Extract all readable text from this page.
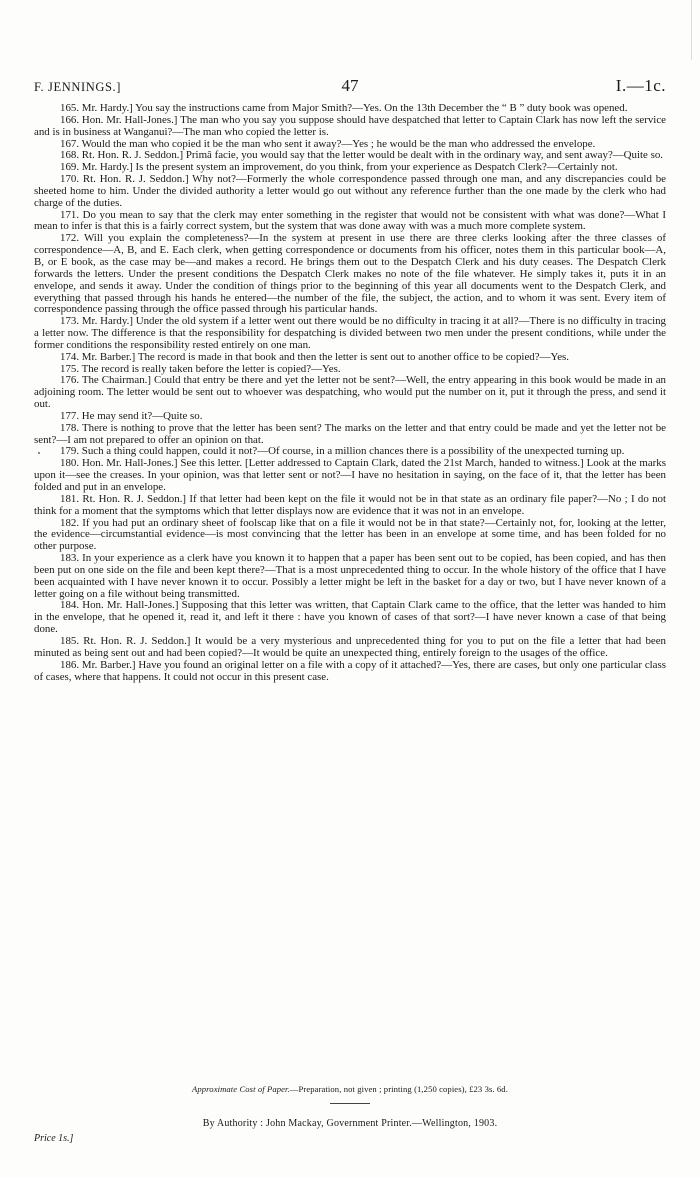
F. JENNINGS.]	47	I.—1c.

165. Mr. Hardy.] You say the instructions came from Major Smith?—Yes. On the 13th December the “ B ” duty book was opened.

166. Hon. Mr. Hall-Jones.] The man who you say you suppose should have despatched that letter to Captain Clark has now left the service and is in business at Wanganui?—The man who copied the letter is.

167. Would the man who copied it be the man who sent it away?—Yes ; he would be the man who addressed the envelope.

168. Rt. Hon. R. J. Seddon.] Primâ facie, you would say that the letter would be dealt with in the ordinary way, and sent away?—Quite so.

169. Mr. Hardy.] Is the present system an improvement, do you think, from your experience as Despatch Clerk?—Certainly not.

170. Rt. Hon. R. J. Seddon.] Why not?—Formerly the whole correspondence passed through one man, and any discrepancies could be sheeted home to him. Under the divided authority a letter would go out without any reference further than the one made by the clerk who had charge of the duties.

171. Do you mean to say that the clerk may enter something in the register that would not be consistent with what was done?—What I mean to infer is that this is a fairly correct system, but the system that was done away with was a much more complete system.

172. Will you explain the completeness?—In the system at present in use there are three clerks looking after the three classes of correspondence—A, B, and E. Each clerk, when getting correspondence or documents from his officer, notes them in this particular book—A, B, or E book, as the case may be—and makes a record. He brings them out to the Despatch Clerk and his duty ceases. The Despatch Clerk forwards the letters. Under the present conditions the Despatch Clerk makes no note of the file whatever. He simply takes it, puts it in an envelope, and sends it away. Under the condition of things prior to the beginning of this year all documents went to the Despatch Clerk, and everything that passed through his hands he entered—the number of the file, the subject, the action, and to whom it was sent. Every item of correspondence passing through the office passed through his particular hands.

173. Mr. Hardy.] Under the old system if a letter went out there would be no difficulty in tracing it at all?—There is no difficulty in tracing a letter now. The difference is that the responsibility for despatching is divided between two men under the present conditions, while under the former conditions the responsibility rested entirely on one man.

174. Mr. Barber.] The record is made in that book and then the letter is sent out to another office to be copied?—Yes.

175. The record is really taken before the letter is copied?—Yes.

176. The Chairman.] Could that entry be there and yet the letter not be sent?—Well, the entry appearing in this book would be made in an adjoining room. The letter would be sent out to whoever was despatching, who would put the number on it, put it through the press, and send it out.

177. He may send it?—Quite so.

178. There is nothing to prove that the letter has been sent? The marks on the letter and that entry could be made and yet the letter not be sent?—I am not prepared to offer an opinion on that.

179. Such a thing could happen, could it not?—Of course, in a million chances there is a possibility of the unexpected turning up.

180. Hon. Mr. Hall-Jones.] See this letter. [Letter addressed to Captain Clark, dated the 21st March, handed to witness.] Look at the marks upon it—see the creases. In your opinion, was that letter sent or not?—I have no hesitation in saying, on the face of it, that the letter has been folded and put in an envelope.

181. Rt. Hon. R. J. Seddon.] If that letter had been kept on the file it would not be in that state as an ordinary file paper?—No ; I do not think for a moment that the symptoms which that letter displays now are evidence that it was not in an envelope.

182. If you had put an ordinary sheet of foolscap like that on a file it would not be in that state?—Certainly not, for, looking at the letter, the evidence—circumstantial evidence—is most convincing that the letter has been in an envelope at some time, and has been folded for no other purpose.

183. In your experience as a clerk have you known it to happen that a paper has been sent out to be copied, has been copied, and has then been put on one side on the file and been kept there?—That is a most unprecedented thing to occur. In the whole history of the office that I have been acquainted with I have never known it to occur. Possibly a letter might be left in the basket for a day or two, but I have never known of a letter going on a file without being transmitted.

184. Hon. Mr. Hall-Jones.] Supposing that this letter was written, that Captain Clark came to the office, that the letter was handed to him in the envelope, that he opened it, read it, and left it there : have you known of cases of that sort?—I have never known a case of that being done.

185. Rt. Hon. R. J. Seddon.] It would be a very mysterious and unprecedented thing for you to put on the file a letter that had been minuted as being sent out and had been copied?—It would be quite an unexpected thing, entirely foreign to the usages of the office.

186. Mr. Barber.] Have you found an original letter on a file with a copy of it attached?—Yes, there are cases, but only one particular class of cases, where that happens. It could not occur in this present case.

Approximate Cost of Paper.—Preparation, not given ; printing (1,250 copies), £23 3s. 6d.
By Authority : John Mackay, Government Printer.—Wellington, 1903.
Price 1s.]
